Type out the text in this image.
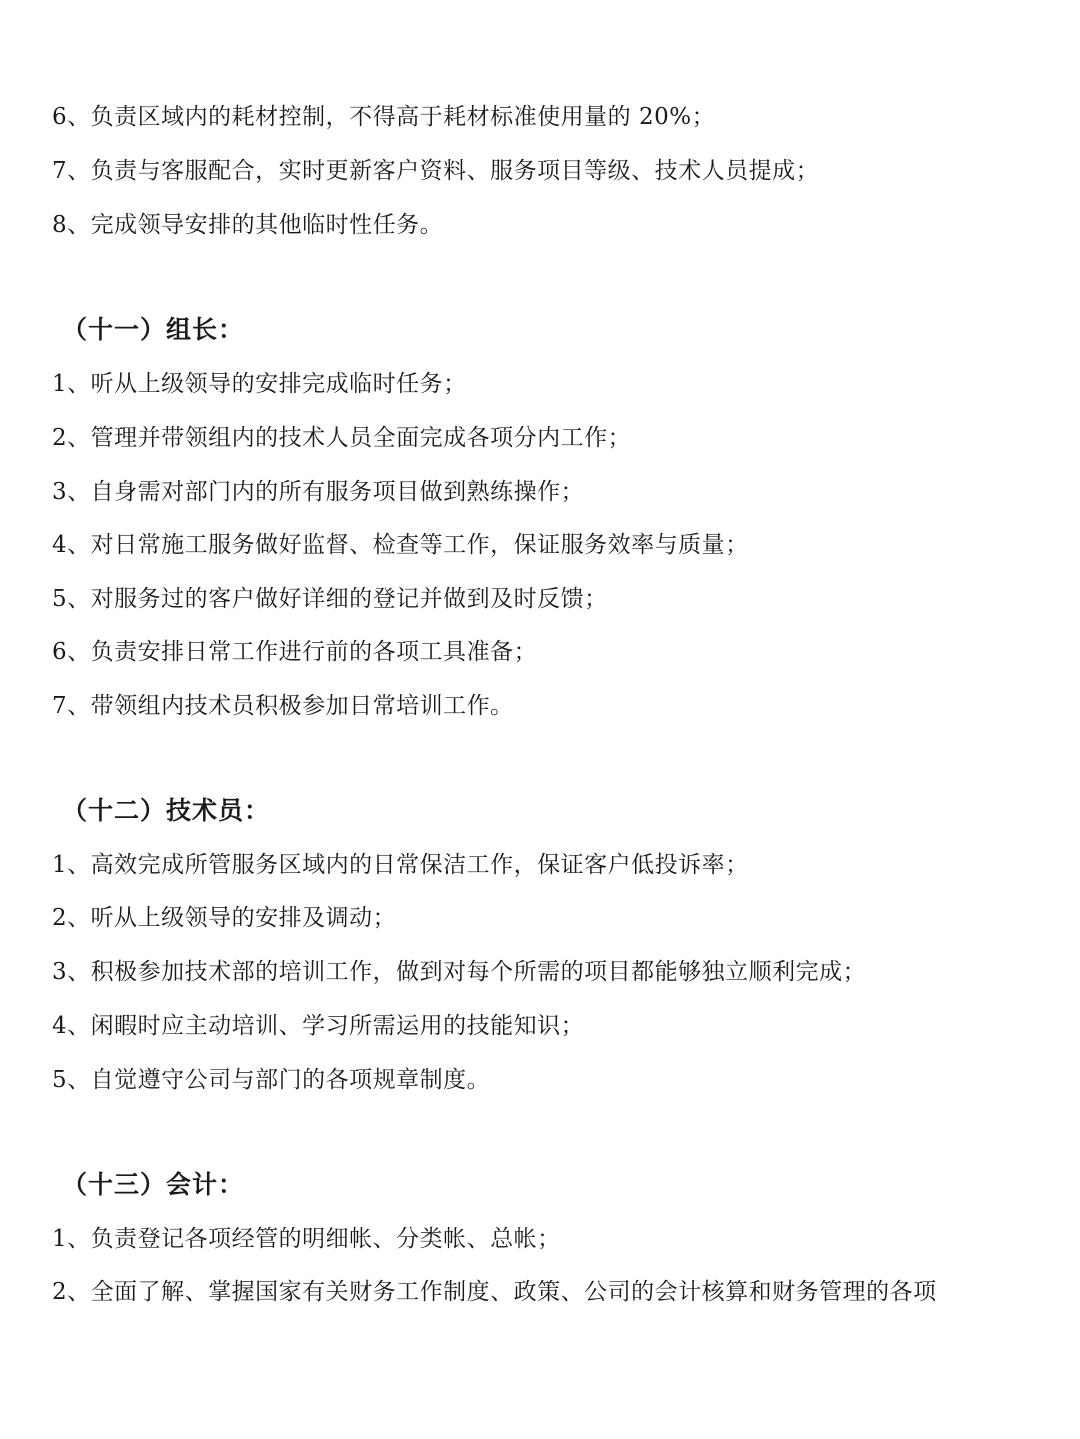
6、负责区域内的耗材控制，不得高于耗材标准使用量的 20%；
7、负责与客服配合，实时更新客户资料、服务项目等级、技术人员提成；
8、完成领导安排的其他临时性任务。
（十一）组长：
1、听从上级领导的安排完成临时任务；
2、管理并带领组内的技术人员全面完成各项分内工作；
3、自身需对部门内的所有服务项目做到熟练操作；
4、对日常施工服务做好监督、检查等工作，保证服务效率与质量；
5、对服务过的客户做好详细的登记并做到及时反馈；
6、负责安排日常工作进行前的各项工具准备；
7、带领组内技术员积极参加日常培训工作。
（十二）技术员：
1、高效完成所管服务区域内的日常保洁工作，保证客户低投诉率；
2、听从上级领导的安排及调动；
3、积极参加技术部的培训工作，做到对每个所需的项目都能够独立顺利完成；
4、闲暇时应主动培训、学习所需运用的技能知识；
5、自觉遵守公司与部门的各项规章制度。
（十三）会计：
1、负责登记各项经管的明细帐、分类帐、总帐；
2、全面了解、掌握国家有关财务工作制度、政策、公司的会计核算和财务管理的各项
